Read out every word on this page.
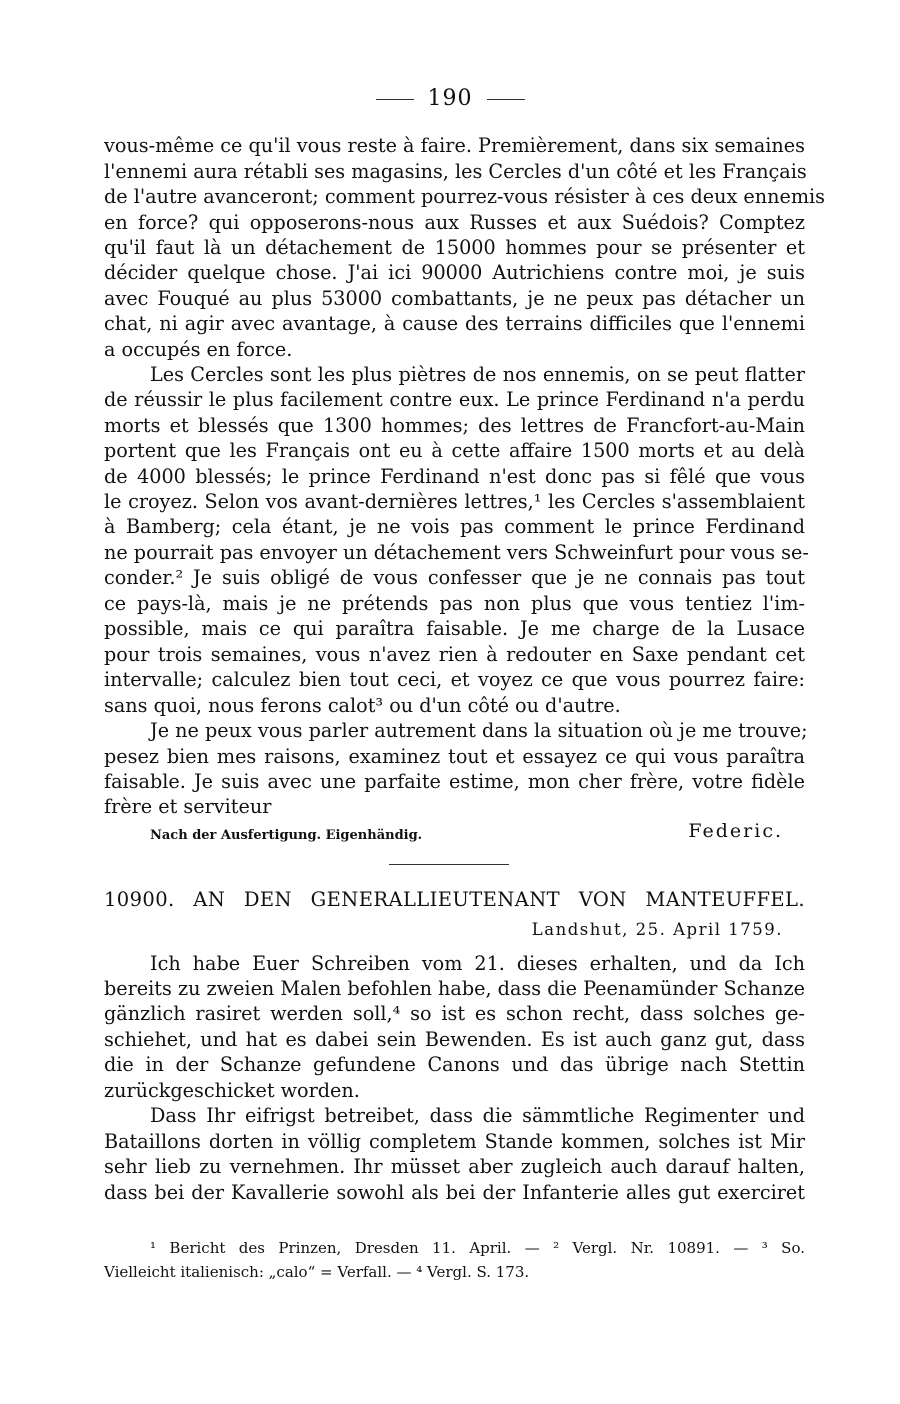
190
vous-même ce qu'il vous reste à faire. Premièrement, dans six semaines
l'ennemi aura rétabli ses magasins, les Cercles d'un côté et les Français
de l'autre avanceront; comment pourrez-vous résister à ces deux ennemis
en force? qui opposerons-nous aux Russes et aux Suédois? Comptez
qu'il faut là un détachement de 15000 hommes pour se présenter et
décider quelque chose. J'ai ici 90000 Autrichiens contre moi, je suis
avec Fouqué au plus 53000 combattants, je ne peux pas détacher un
chat, ni agir avec avantage, à cause des terrains difficiles que l'ennemi
a occupés en force.
Les Cercles sont les plus piètres de nos ennemis, on se peut flatter
de réussir le plus facilement contre eux. Le prince Ferdinand n'a perdu
morts et blessés que 1300 hommes; des lettres de Francfort-au-Main
portent que les Français ont eu à cette affaire 1500 morts et au delà
de 4000 blessés; le prince Ferdinand n'est donc pas si fêlé que vous
le croyez. Selon vos avant-dernières lettres,¹ les Cercles s'assemblaient
à Bamberg; cela étant, je ne vois pas comment le prince Ferdinand
ne pourrait pas envoyer un détachement vers Schweinfurt pour vous se-
conder.² Je suis obligé de vous confesser que je ne connais pas tout
ce pays-là, mais je ne prétends pas non plus que vous tentiez l'im-
possible, mais ce qui paraîtra faisable. Je me charge de la Lusace
pour trois semaines, vous n'avez rien à redouter en Saxe pendant cet
intervalle; calculez bien tout ceci, et voyez ce que vous pourrez faire:
sans quoi, nous ferons calot³ ou d'un côté ou d'autre.
Je ne peux vous parler autrement dans la situation où je me trouve;
pesez bien mes raisons, examinez tout et essayez ce qui vous paraîtra
faisable. Je suis avec une parfaite estime, mon cher frère, votre fidèle
frère et serviteur
Nach der Ausfertigung. Eigenhändig.	Federic.
10900. AN DEN GENERALLIEUTENANT VON MANTEUFFEL.
Landshut, 25. April 1759.
Ich habe Euer Schreiben vom 21. dieses erhalten, und da Ich
bereits zu zweien Malen befohlen habe, dass die Peenamünder Schanze
gänzlich rasiret werden soll,⁴ so ist es schon recht, dass solches ge-
schiehet, und hat es dabei sein Bewenden. Es ist auch ganz gut, dass
die in der Schanze gefundene Canons und das übrige nach Stettin
zurückgeschicket worden.
Dass Ihr eifrigst betreibet, dass die sämmtliche Regimenter und
Bataillons dorten in völlig completem Stande kommen, solches ist Mir
sehr lieb zu vernehmen. Ihr müsset aber zugleich auch darauf halten,
dass bei der Kavallerie sowohl als bei der Infanterie alles gut exerciret
¹ Bericht des Prinzen, Dresden 11. April. — ² Vergl. Nr. 10891. — ³ So.
Vielleicht italienisch: „calo“ = Verfall. — ⁴ Vergl. S. 173.
